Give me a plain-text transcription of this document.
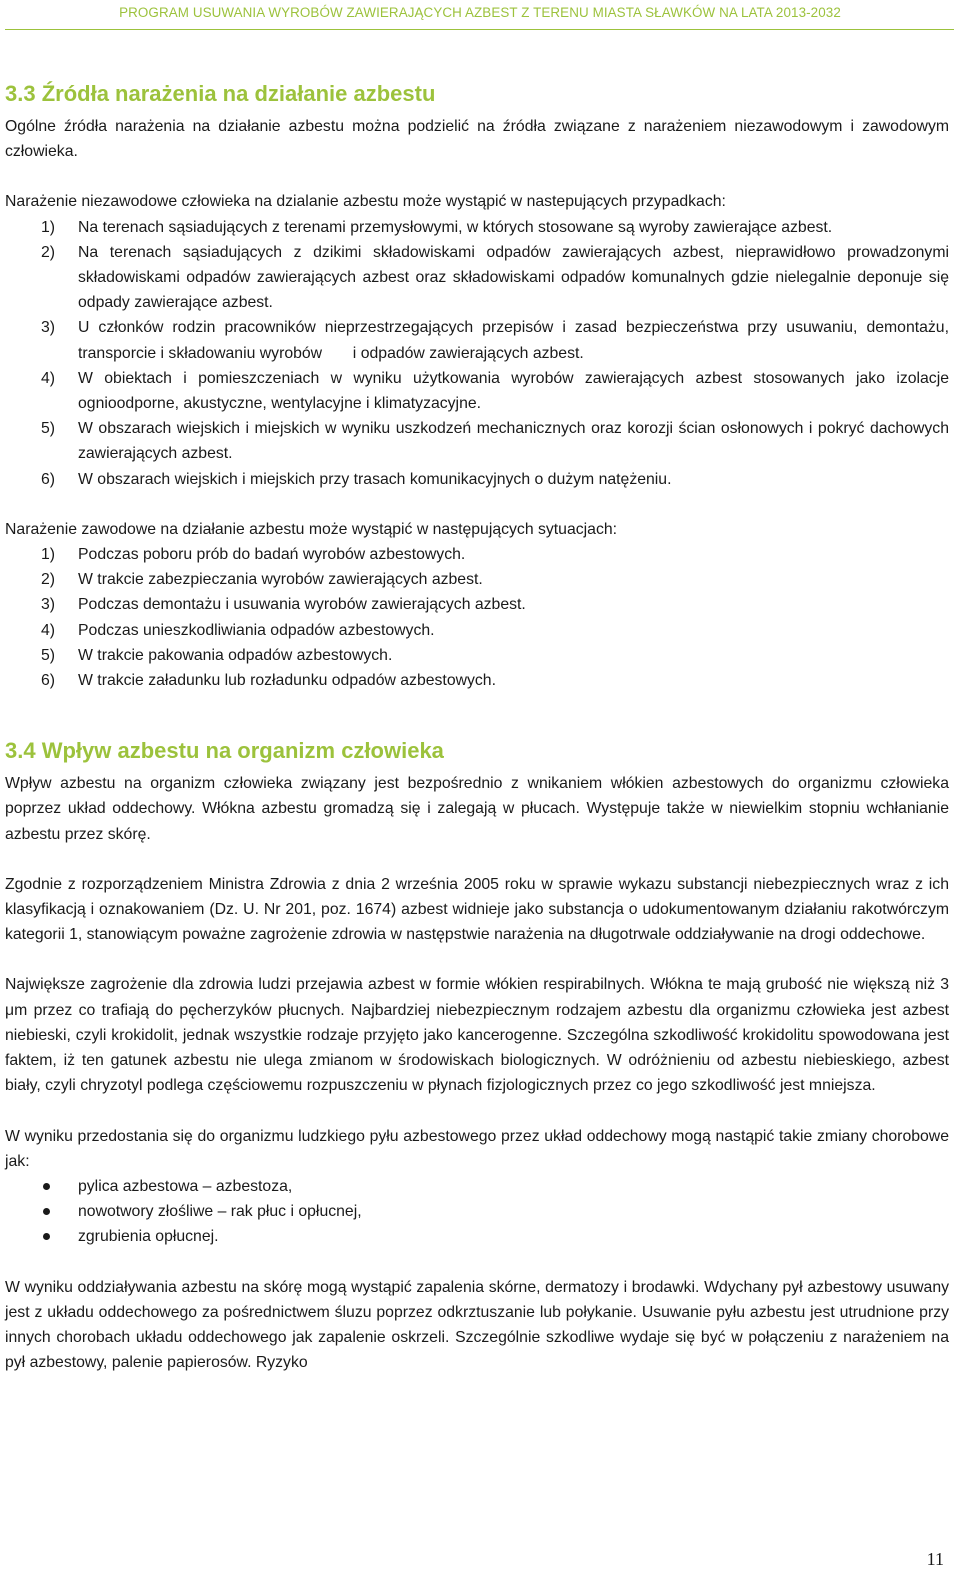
PROGRAM USUWANIA WYROBÓW ZAWIERAJĄCYCH AZBEST Z TERENU MIASTA SŁAWKÓW NA LATA 2013-2032
3.3 Źródła narażenia na działanie azbestu

Ogólne źródła narażenia na działanie azbestu można podzielić na źródła związane z narażeniem niezawodowym i zawodowym człowieka.

Narażenie niezawodowe człowieka na dzialanie azbestu może wystąpić w nastepujących przypadkach:

1) Na terenach sąsiadujących z terenami przemysłowymi, w których stosowane są wyroby zawierające azbest.
2) Na terenach sąsiadujących z dzikimi składowiskami odpadów zawierających azbest, nieprawidłowo prowadzonymi składowiskami odpadów zawierających azbest oraz składowiskami odpadów komunalnych gdzie nielegalnie deponuje się odpady zawierające azbest.
3) U członków rodzin pracowników nieprzestrzegających przepisów i zasad bezpieczeństwa przy usuwaniu, demontażu, transporcie i składowaniu wyrobów       i odpadów zawierających azbest.
4) W obiektach i pomieszczeniach w wyniku użytkowania wyrobów zawierających azbest stosowanych jako izolacje ognioodporne, akustyczne, wentylacyjne i klimatyzacyjne.
5) W obszarach wiejskich i miejskich w wyniku uszkodzeń mechanicznych oraz korozji ścian osłonowych i pokryć dachowych zawierających azbest.
6) W obszarach wiejskich i miejskich przy trasach komunikacyjnych o dużym natężeniu.

Narażenie zawodowe na działanie azbestu może wystąpić w następujących sytuacjach:

1) Podczas poboru prób do badań wyrobów azbestowych.
2) W trakcie zabezpieczania wyrobów zawierających azbest.
3) Podczas demontażu i usuwania wyrobów zawierających azbest.
4) Podczas unieszkodliwiania odpadów azbestowych.
5) W trakcie pakowania odpadów azbestowych.
6) W trakcie załadunku lub rozładunku odpadów azbestowych.
3.4 Wpływ azbestu na organizm człowieka

Wpływ azbestu na organizm człowieka związany jest bezpośrednio z wnikaniem włókien azbestowych do organizmu człowieka poprzez układ oddechowy. Włókna azbestu gromadzą się i zalegają w płucach. Występuje także w niewielkim stopniu wchłanianie azbestu przez skórę.

Zgodnie z rozporządzeniem Ministra Zdrowia z dnia 2 września 2005 roku w sprawie wykazu substancji niebezpiecznych wraz z ich klasyfikacją i oznakowaniem (Dz. U. Nr 201, poz. 1674) azbest widnieje jako substancja o udokumentowanym działaniu rakotwórczym kategorii 1, stanowiącym poważne zagrożenie zdrowia w następstwie narażenia na długotrwale oddziaływanie na drogi oddechowe.

Największe zagrożenie dla zdrowia ludzi przejawia azbest w formie włókien respirabilnych. Włókna te mają grubość nie większą niż 3 μm przez co trafiają do pęcherzyków płucnych. Najbardziej niebezpiecznym rodzajem azbestu dla organizmu człowieka jest azbest niebieski, czyli krokidolit, jednak wszystkie rodzaje przyjęto jako kancerogenne. Szczególna szkodliwość krokidolitu spowodowana jest faktem, iż ten gatunek azbestu nie ulega zmianom w środowiskach biologicznych. W odróżnieniu od azbestu niebieskiego, azbest biały, czyli chryzotyl podlega częściowemu rozpuszczeniu w płynach fizjologicznych przez co jego szkodliwość jest mniejsza.

W wyniku przedostania się do organizmu ludzkiego pyłu azbestowego przez układ oddechowy mogą nastąpić takie zmiany chorobowe jak:

pylica azbestowa – azbestoza,
nowotwory złośliwe – rak płuc i opłucnej,
zgrubienia opłucnej.

W wyniku oddziaływania azbestu na skórę mogą wystąpić zapalenia skórne, dermatozy i brodawki. Wdychany pył azbestowy usuwany jest z układu oddechowego za pośrednictwem śluzu poprzez odkrztuszanie lub połykanie. Usuwanie pyłu azbestu jest utrudnione przy innych chorobach układu oddechowego jak zapalenie oskrzeli. Szczególnie szkodliwe wydaje się być w połączeniu z narażeniem na pył azbestowy, palenie papierosów. Ryzyko

11
